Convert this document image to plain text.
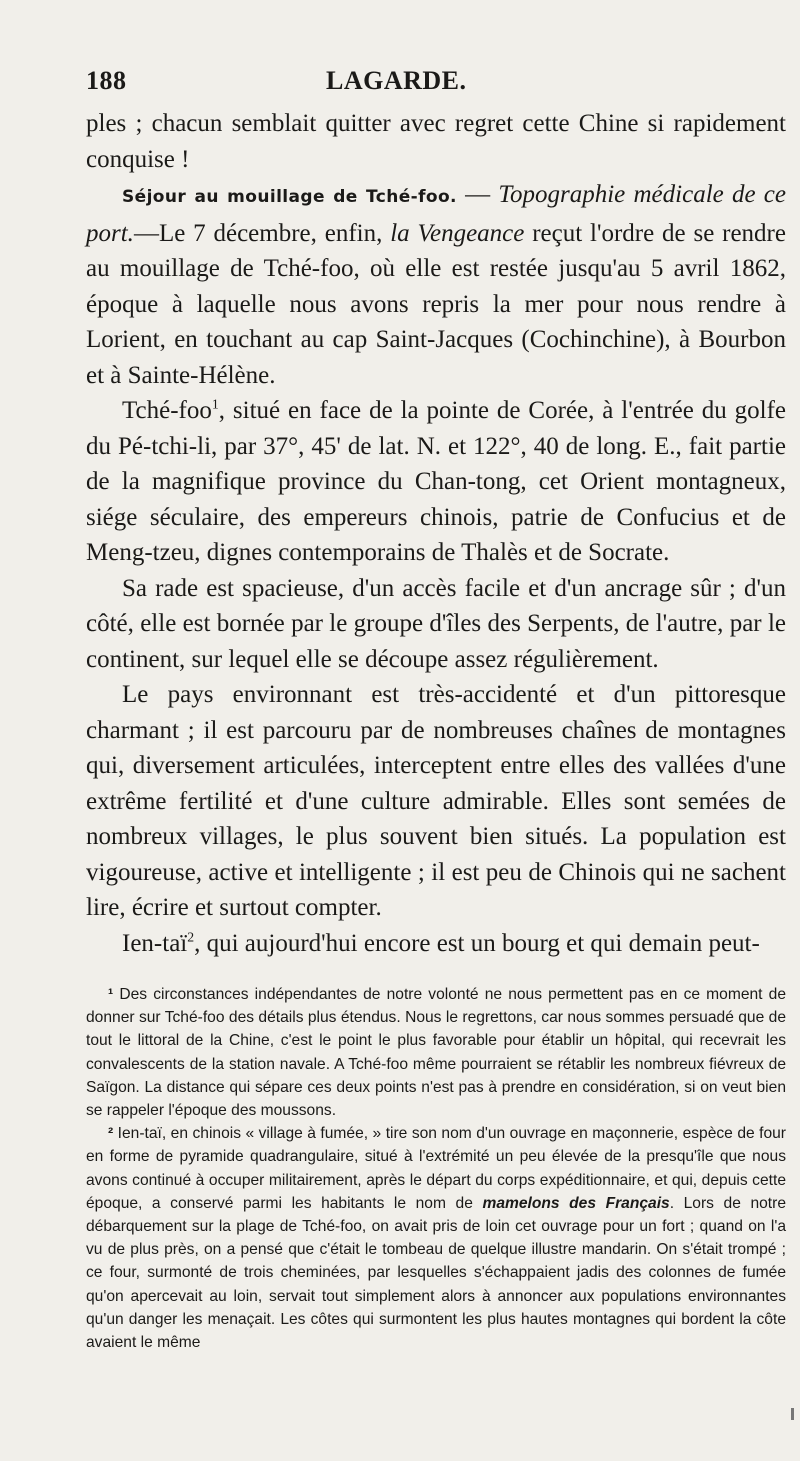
188	LAGARDE.

ples ; chacun semblait quitter avec regret cette Chine si rapidement conquise !

Séjour au mouillage de Tché-foo. — Topographie médicale de ce port.—Le 7 décembre, enfin, la Vengeance reçut l'ordre de se rendre au mouillage de Tché-foo, où elle est restée jusqu'au 5 avril 1862, époque à laquelle nous avons repris la mer pour nous rendre à Lorient, en touchant au cap Saint-Jacques (Cochinchine), à Bourbon et à Sainte-Hélène.

Tché-foo$^1$, situé en face de la pointe de Corée, à l'entrée du golfe du Pé-tchi-li, par 37°, 45' de lat. N. et 122°, 40 de long. E., fait partie de la magnifique province du Chan-tong, cet Orient montagneux, siége séculaire, des empereurs chinois, patrie de Confucius et de Meng-tzeu, dignes contemporains de Thalès et de Socrate.

Sa rade est spacieuse, d'un accès facile et d'un ancrage sûr ; d'un côté, elle est bornée par le groupe d'îles des Serpents, de l'autre, par le continent, sur lequel elle se découpe assez régulièrement.

Le pays environnant est très-accidenté et d'un pittoresque charmant ; il est parcouru par de nombreuses chaînes de montagnes qui, diversement articulées, interceptent entre elles des vallées d'une extrême fertilité et d'une culture admirable. Elles sont semées de nombreux villages, le plus souvent bien situés. La population est vigoureuse, active et intelligente ; il est peu de Chinois qui ne sachent lire, écrire et surtout compter.

Ien-taï$^2$, qui aujourd'hui encore est un bourg et qui demain peut-

¹ Des circonstances indépendantes de notre volonté ne nous permettent pas en ce moment de donner sur Tché-foo des détails plus étendus. Nous le regrettons, car nous sommes persuadé que de tout le littoral de la Chine, c'est le point le plus favorable pour établir un hôpital, qui recevrait les convalescents de la station navale. A Tché-foo même pourraient se rétablir les nombreux fiévreux de Saïgon. La distance qui sépare ces deux points n'est pas à prendre en considération, si on veut bien se rappeler l'époque des moussons.

² Ien-taï, en chinois « village à fumée, » tire son nom d'un ouvrage en maçonnerie, espèce de four en forme de pyramide quadrangulaire, situé à l'extrémité un peu élevée de la presqu'île que nous avons continué à occuper militairement, après le départ du corps expéditionnaire, et qui, depuis cette époque, a conservé parmi les habitants le nom de mamelons des Français. Lors de notre débarquement sur la plage de Tché-foo, on avait pris de loin cet ouvrage pour un fort ; quand on l'a vu de plus près, on a pensé que c'était le tombeau de quelque illustre mandarin. On s'était trompé ; ce four, surmonté de trois cheminées, par lesquelles s'échappaient jadis des colonnes de fumée qu'on apercevait au loin, servait tout simplement alors à annoncer aux populations environnantes qu'un danger les menaçait. Les côtes qui surmontent les plus hautes montagnes qui bordent la côte avaient le même
